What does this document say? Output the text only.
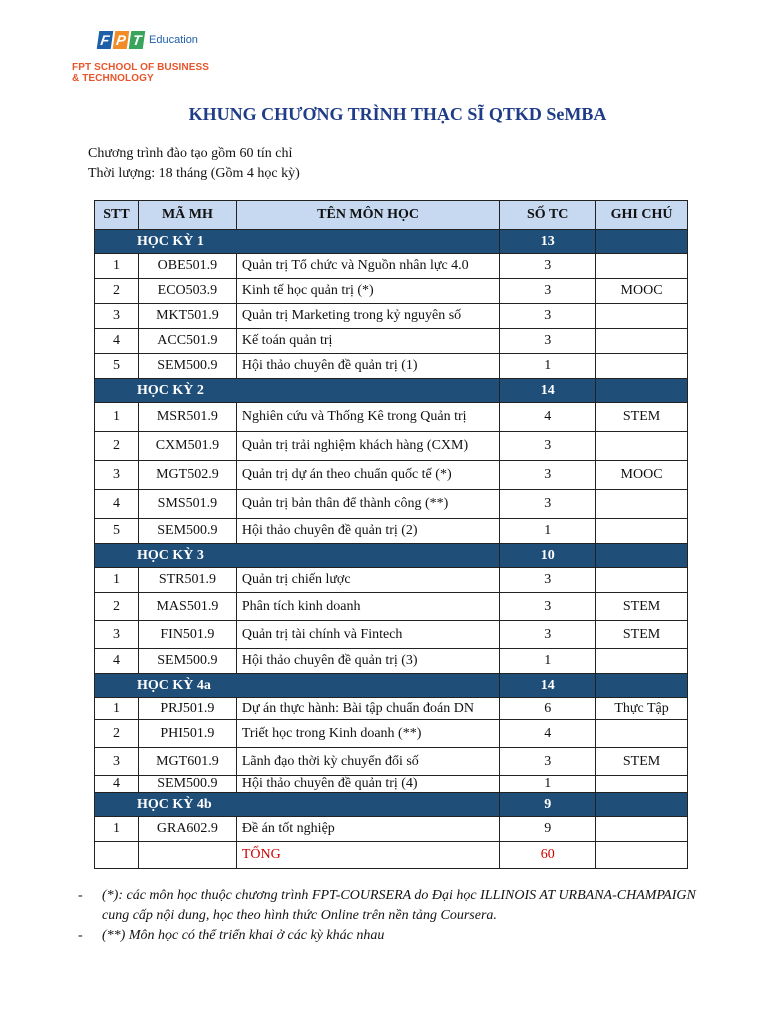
F P T Education
FPT SCHOOL OF BUSINESS
& TECHNOLOGY
KHUNG CHƯƠNG TRÌNH THẠC SĨ QTKD SeMBA
Chương trình đào tạo gồm 60 tín chỉ
Thời lượng: 18 tháng (Gồm 4 học kỳ)
STT	MÃ MH	TÊN MÔN HỌC	SỐ TC	GHI CHÚ
HỌC KỲ 1			13	
1	OBE501.9	Quản trị Tổ chức và Nguồn nhân lực 4.0	3	
2	ECO503.9	Kinh tế học quản trị (*)	3	MOOC
3	MKT501.9	Quản trị Marketing trong kỷ nguyên số	3	
4	ACC501.9	Kế toán quản trị	3	
5	SEM500.9	Hội thảo chuyên đề quản trị (1)	1	
HỌC KỲ 2			14	
1	MSR501.9	Nghiên cứu và Thống Kê trong Quản trị	4	STEM
2	CXM501.9	Quản trị trải nghiệm khách hàng (CXM)	3	
3	MGT502.9	Quản trị dự án theo chuẩn quốc tế (*)	3	MOOC
4	SMS501.9	Quản trị bản thân để thành công (**)	3	
5	SEM500.9	Hội thảo chuyên đề quản trị (2)	1	
HỌC KỲ 3			10	
1	STR501.9	Quản trị chiến lược	3	
2	MAS501.9	Phân tích kinh doanh	3	STEM
3	FIN501.9	Quản trị tài chính và Fintech	3	STEM
4	SEM500.9	Hội thảo chuyên đề quản trị (3)	1	
HỌC KỲ 4a			14	
1	PRJ501.9	Dự án thực hành: Bài tập chuẩn đoán DN	6	Thực Tập
2	PHI501.9	Triết học trong Kinh doanh (**)	4	
3	MGT601.9	Lãnh đạo thời kỳ chuyển đổi số	3	STEM
4	SEM500.9	Hội thảo chuyên đề quản trị (4)	1	
HỌC KỲ 4b			9	
1	GRA602.9	Đề án tốt nghiệp	9	
		TỔNG	60	
- (*): các môn học thuộc chương trình FPT-COURSERA do Đại học ILLINOIS AT URBANA-CHAMPAIGN cung cấp nội dung, học theo hình thức Online trên nền tảng Coursera.
- (**) Môn học có thể triển khai ở các kỳ khác nhau
